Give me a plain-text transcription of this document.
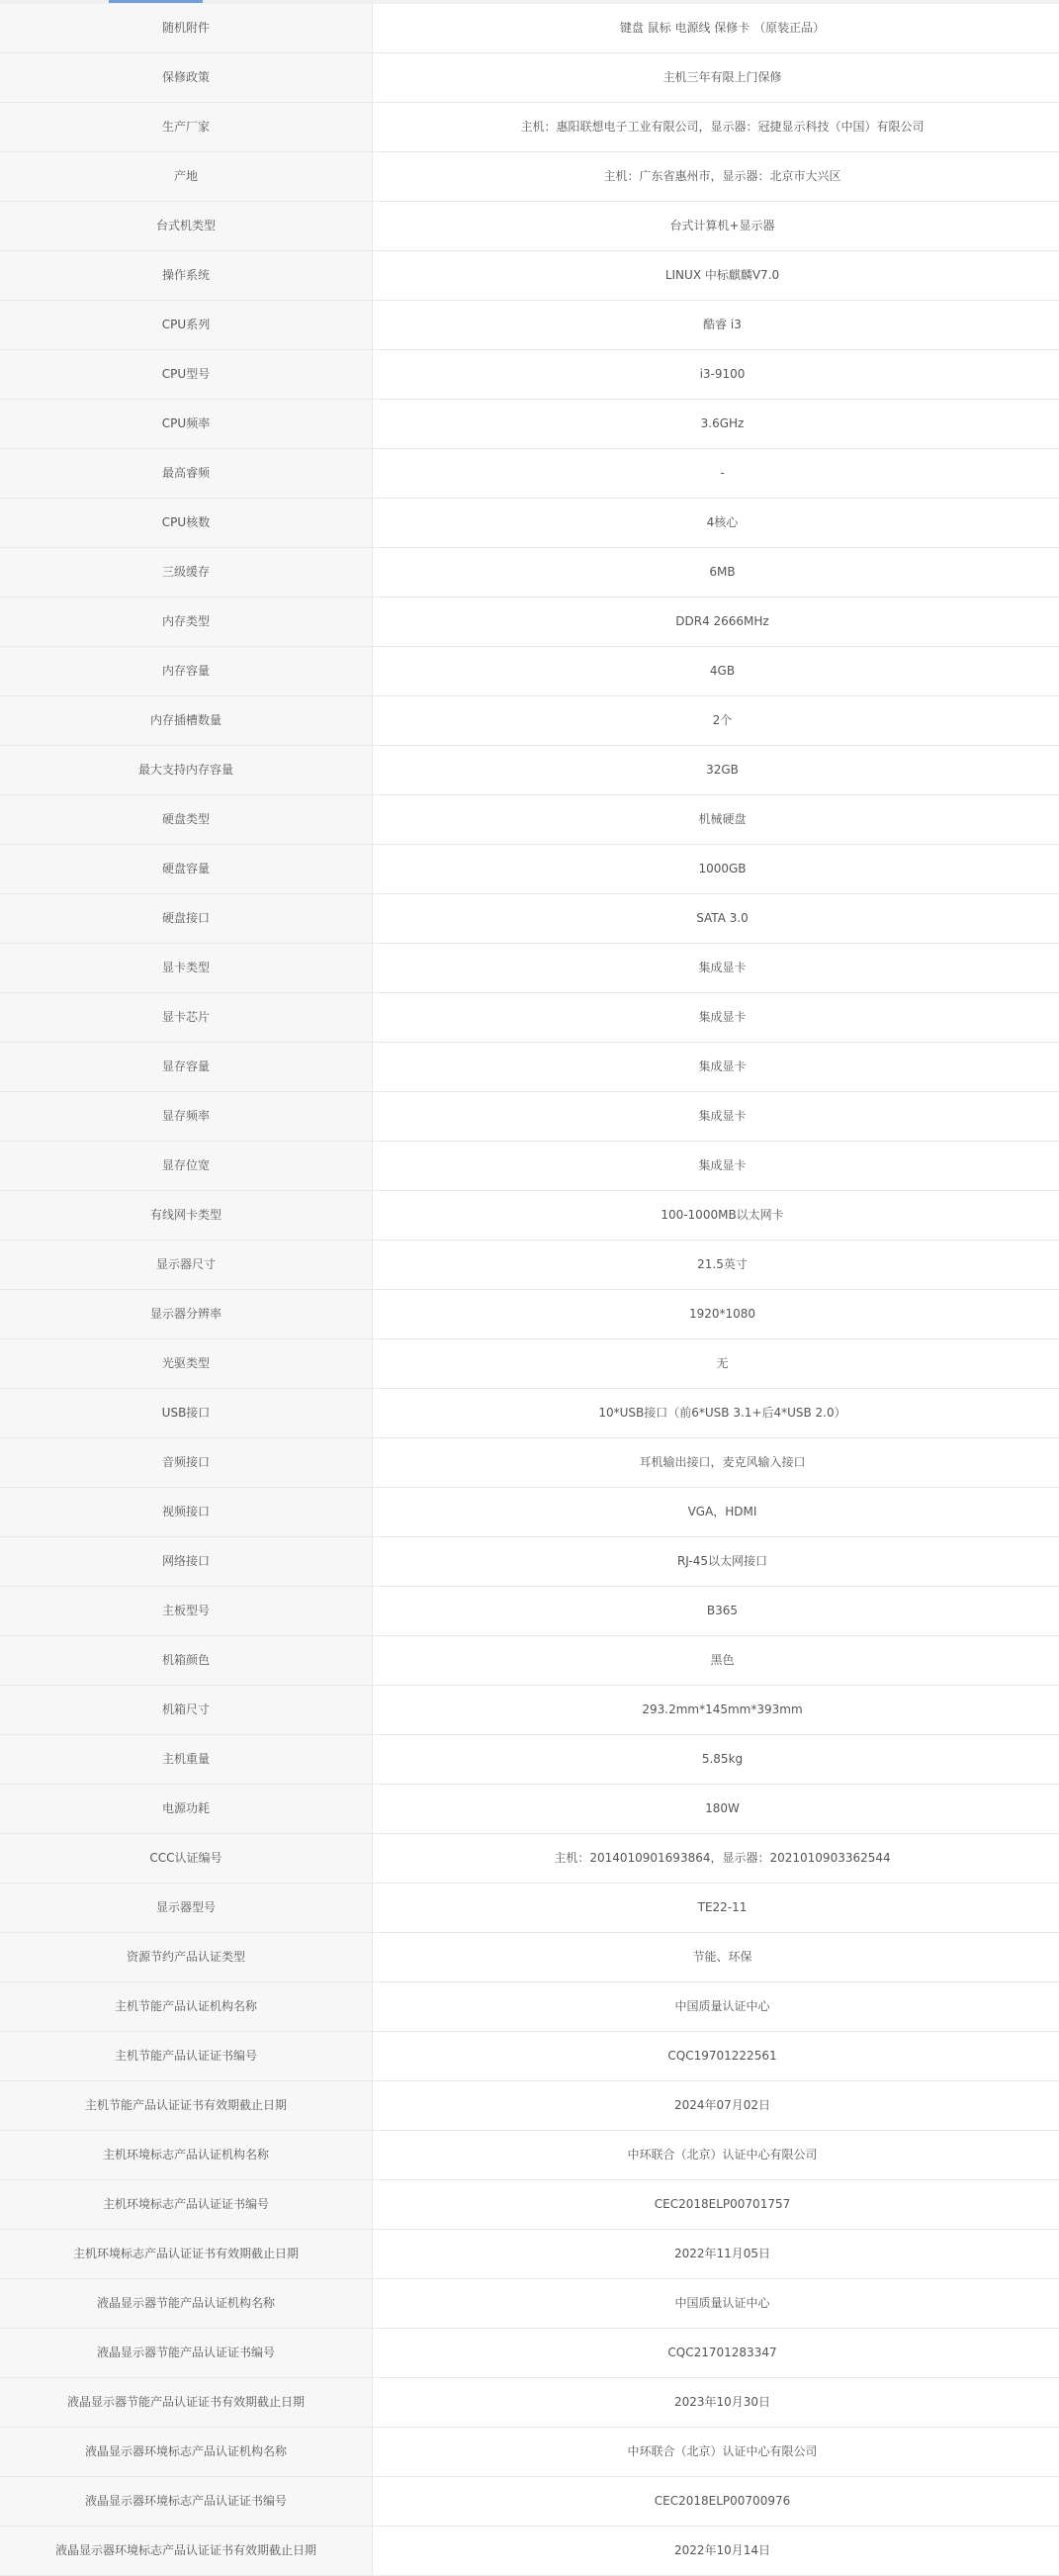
随机附件	键盘 鼠标 电源线 保修卡 （原装正品）
保修政策	主机三年有限上门保修
生产厂家	主机：惠阳联想电子工业有限公司，显示器：冠捷显示科技（中国）有限公司
产地	主机：广东省惠州市，显示器：北京市大兴区
台式机类型	台式计算机+显示器
操作系统	LINUX 中标麒麟V7.0
CPU系列	酷睿 i3
CPU型号	i3-9100
CPU频率	3.6GHz
最高睿频	-
CPU核数	4核心
三级缓存	6MB
内存类型	DDR4 2666MHz
内存容量	4GB
内存插槽数量	2个
最大支持内存容量	32GB
硬盘类型	机械硬盘
硬盘容量	1000GB
硬盘接口	SATA 3.0
显卡类型	集成显卡
显卡芯片	集成显卡
显存容量	集成显卡
显存频率	集成显卡
显存位宽	集成显卡
有线网卡类型	100-1000MB以太网卡
显示器尺寸	21.5英寸
显示器分辨率	1920*1080
光驱类型	无
USB接口	10*USB接口（前6*USB 3.1+后4*USB 2.0）
音频接口	耳机输出接口，麦克风输入接口
视频接口	VGA，HDMI
网络接口	RJ-45以太网接口
主板型号	B365
机箱颜色	黑色
机箱尺寸	293.2mm*145mm*393mm
主机重量	5.85kg
电源功耗	180W
CCC认证编号	主机：2014010901693864，显示器：2021010903362544
显示器型号	TE22-11
资源节约产品认证类型	节能、环保
主机节能产品认证机构名称	中国质量认证中心
主机节能产品认证证书编号	CQC19701222561
主机节能产品认证证书有效期截止日期	2024年07月02日
主机环境标志产品认证机构名称	中环联合（北京）认证中心有限公司
主机环境标志产品认证证书编号	CEC2018ELP00701757
主机环境标志产品认证证书有效期截止日期	2022年11月05日
液晶显示器节能产品认证机构名称	中国质量认证中心
液晶显示器节能产品认证证书编号	CQC21701283347
液晶显示器节能产品认证证书有效期截止日期	2023年10月30日
液晶显示器环境标志产品认证机构名称	中环联合（北京）认证中心有限公司
液晶显示器环境标志产品认证证书编号	CEC2018ELP00700976
液晶显示器环境标志产品认证证书有效期截止日期	2022年10月14日
